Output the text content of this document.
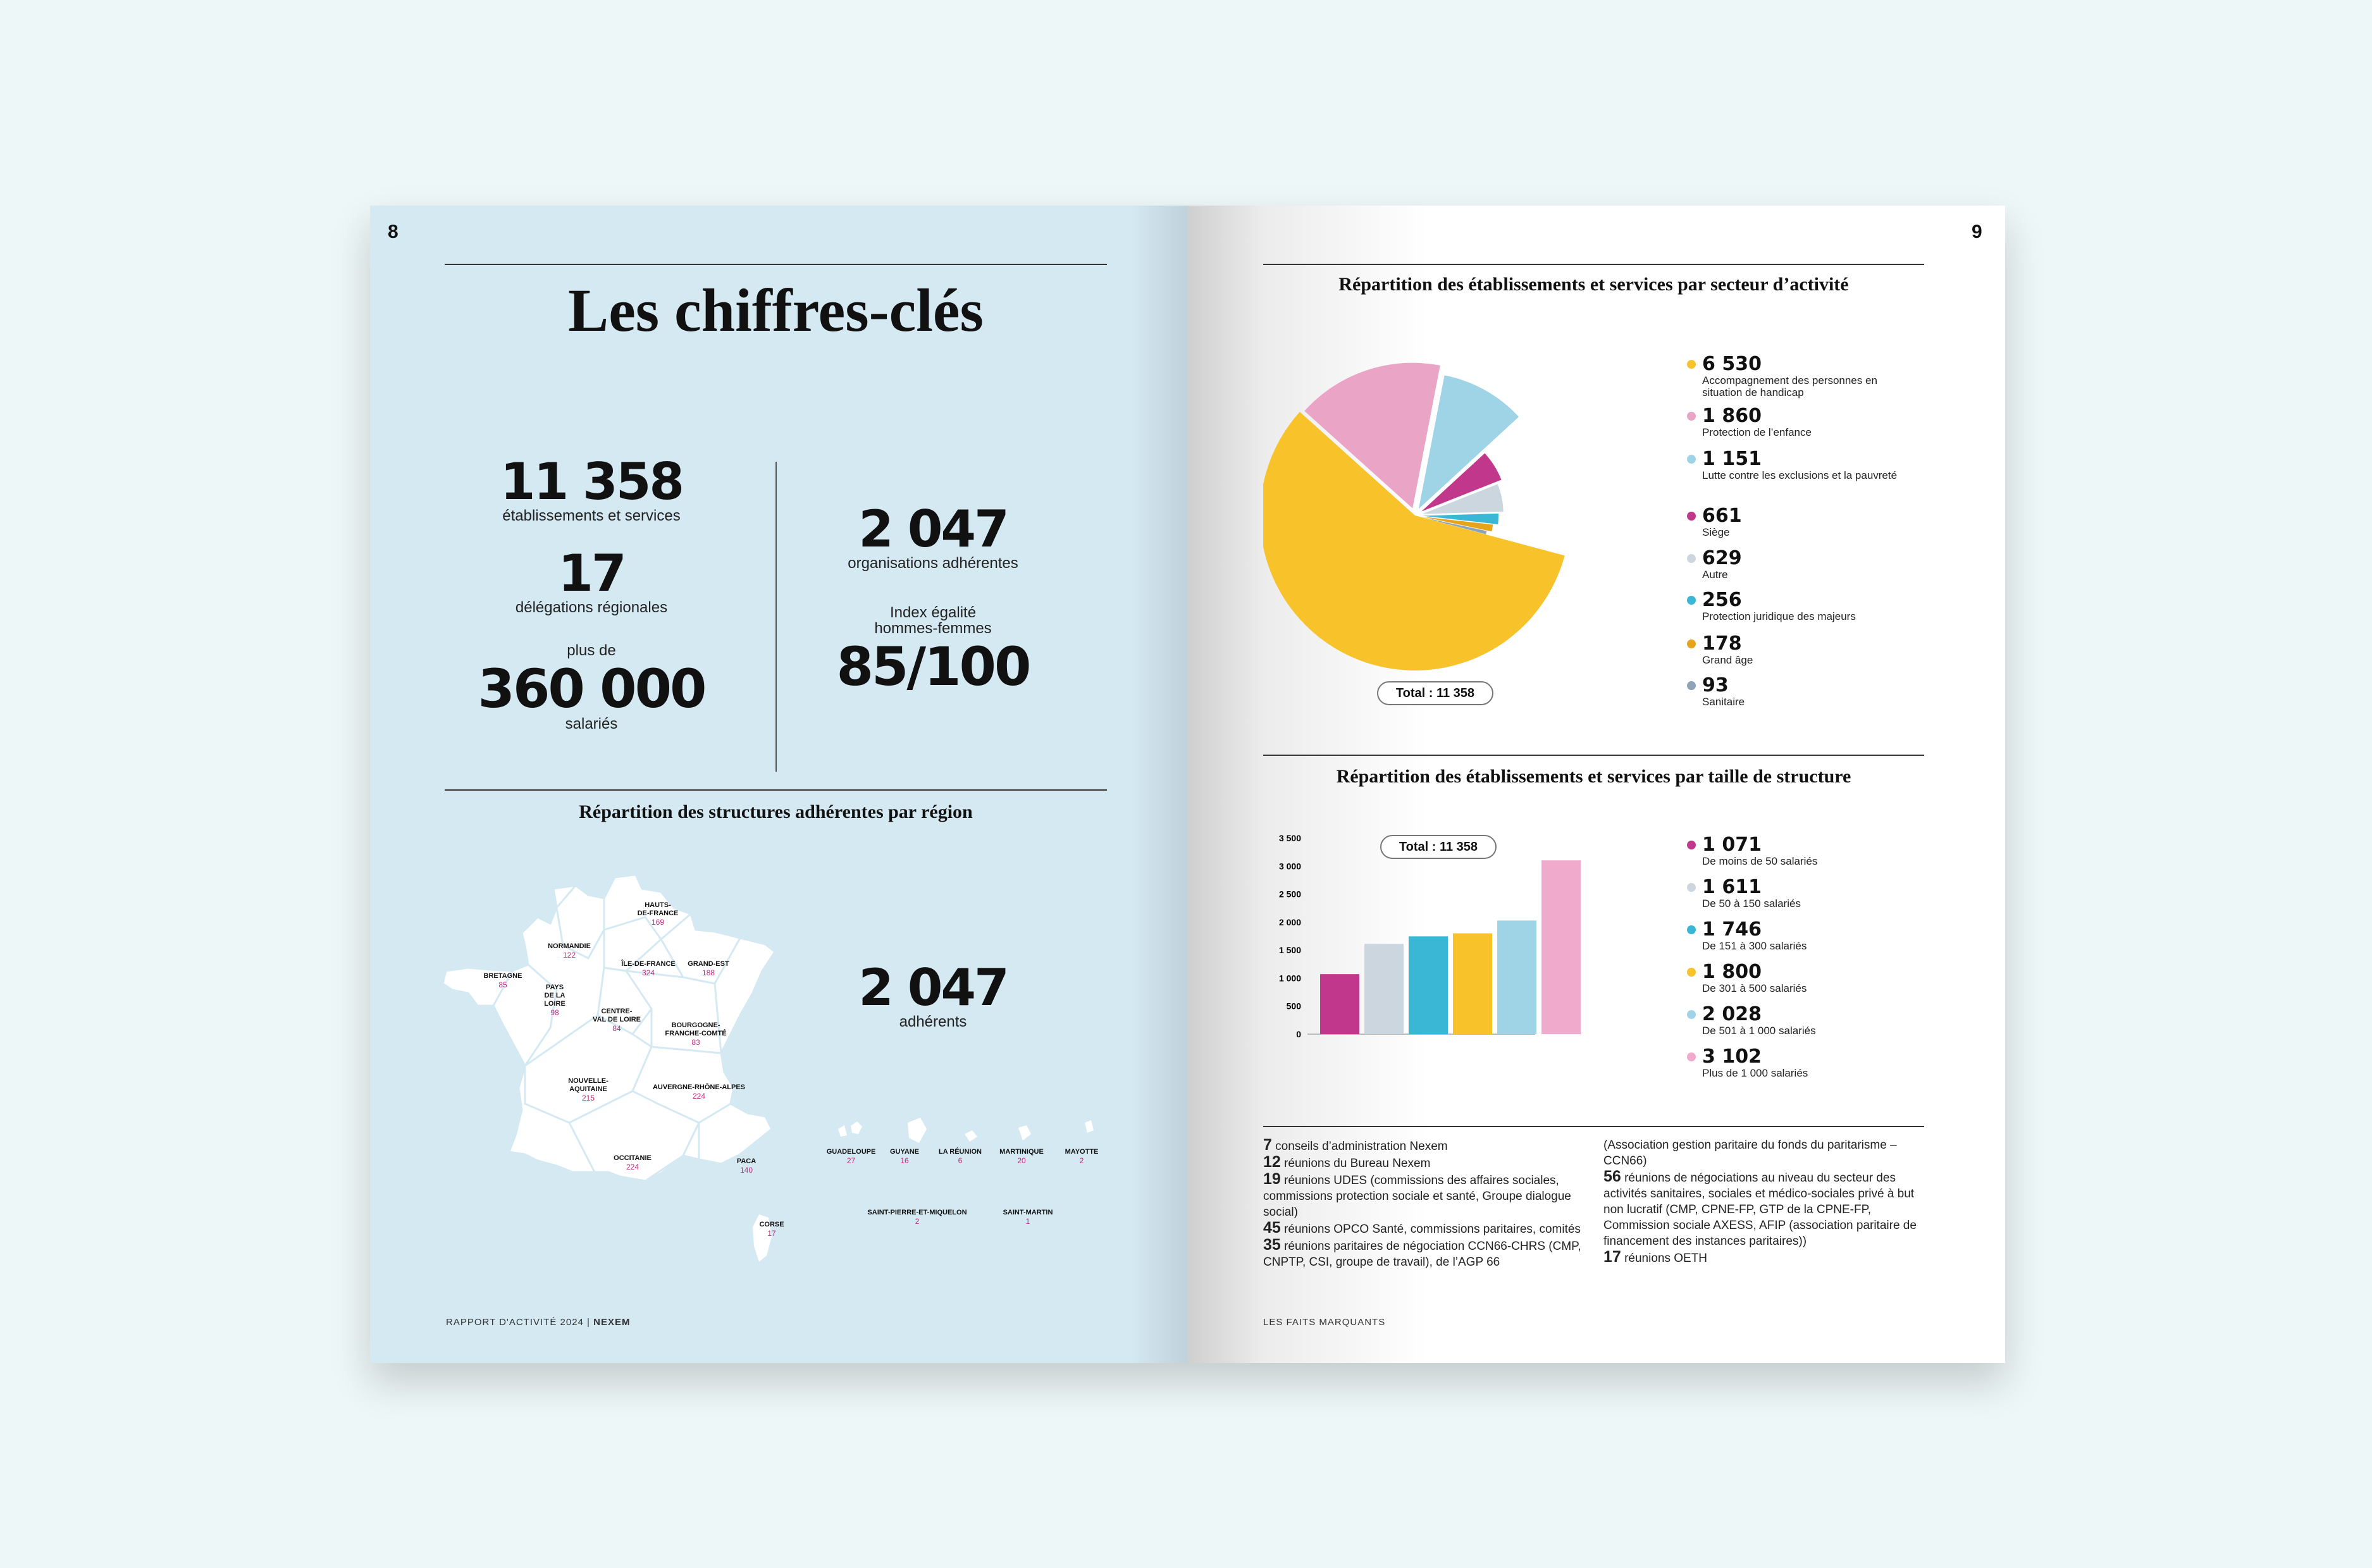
8
Les chiffres-clés
11 358
établissements et services
17
délégations régionales
plus de
360 000
salariés
2 047
organisations adhérentes
Index égalité
hommes-femmes
85/100
Répartition des structures adhérentes par région
HAUTS-
DE-FRANCE
169
NORMANDIE
122
ÎLE-DE-FRANCE
324
GRAND-EST
188
BRETAGNE
85	PAYS
DE LA
LOIRE
98	CENTRE-
VAL DE LOIRE
84	BOURGOGNE-
FRANCHE-COMTÉ
83
NOUVELLE-
AQUITAINE
215
AUVERGNE-RHÔNE-ALPES
224
OCCITANIE
224
PACA
140
CORSE
17
2 047
adhérents
GUADELOUPE
27
GUYANE
16
LA RÉUNION
6
MARTINIQUE
20
MAYOTTE
2
SAINT-PIERRE-ET-MIQUELON
2
SAINT-MARTIN
1
RAPPORT D'ACTIVITÉ 2024 | NEXEM
9
Répartition des établissements et services par secteur d’activité
Total : 11 358
6 530
Accompagnement des personnes en situation de handicap
1 860
Protection de l’enfance
1 151
Lutte contre les exclusions et la pauvreté
661
Siège
629
Autre
256
Protection juridique des majeurs
178
Grand âge
93
Sanitaire
Répartition des établissements et services par taille de structure
0
500
1 000
1 500
2 000
2 500
3 000
3 500
Total : 11 358	1 071
De moins de 50 salariés
1 611
De 50 à 150 salariés
1 746
De 151 à 300 salariés
1 800
De 301 à 500 salariés
2 028
De 501 à 1 000 salariés
3 102
Plus de 1 000 salariés
7 conseils d’administration Nexem
12 réunions du Bureau Nexem
19 réunions UDES (commissions des affaires sociales, commissions protection sociale et santé, Groupe dialogue social)
45 réunions OPCO Santé, commissions paritaires, comités
35 réunions paritaires de négociation CCN66-CHRS (CMP, CNPTP, CSI, groupe de travail), de l’AGP 66
(Association gestion paritaire du fonds du paritarisme – CCN66)
56 réunions de négociations au niveau du secteur des activités sanitaires, sociales et médico-sociales privé à but non lucratif (CMP, CPNE-FP, GTP de la CPNE-FP, Commission sociale AXESS, AFIP (association paritaire de financement des instances paritaires))
17 réunions OETH
LES FAITS MARQUANTS
